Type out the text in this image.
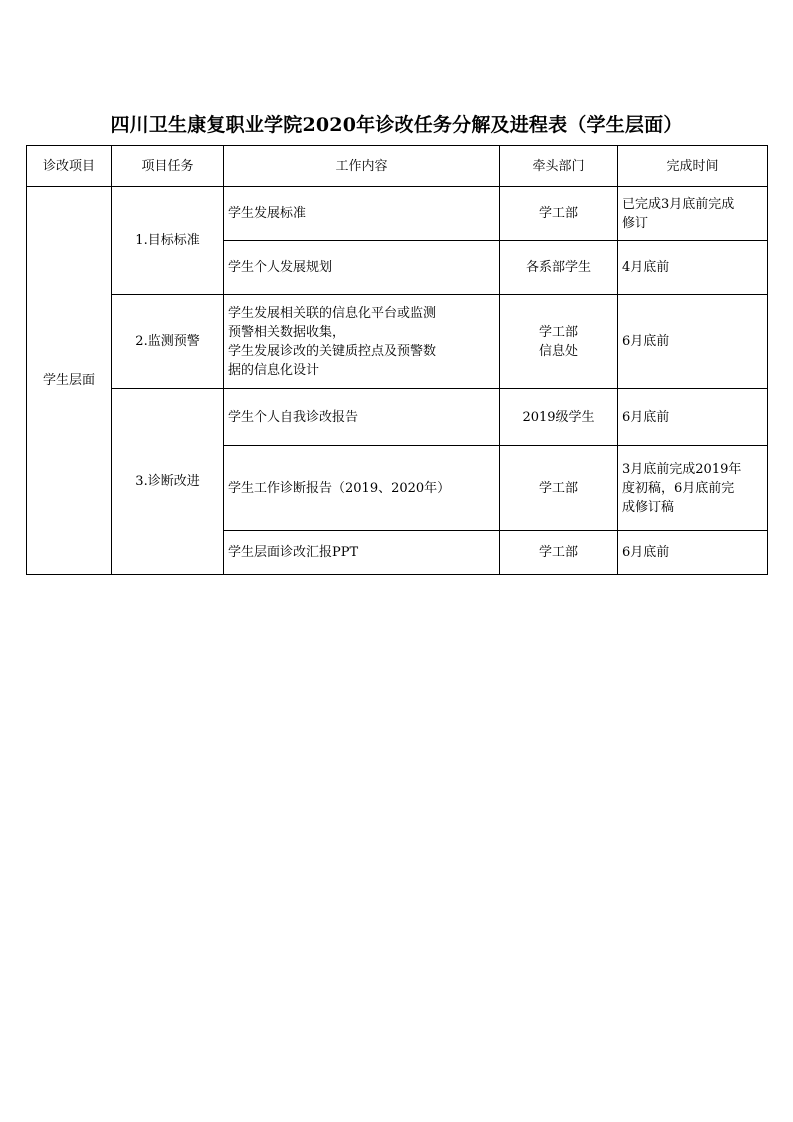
四川卫生康复职业学院2020年诊改任务分解及进程表（学生层面）
诊改项目	项目任务	工作内容	牵头部门	完成时间
学生层面	1.目标标准	学生发展标准	学工部	已完成3月底前完成
修订
		学生个人发展规划	各系部学生	4月底前
	2.监测预警	学生发展相关联的信息化平台或监测
预警相关数据收集，
学生发展诊改的关键质控点及预警数
据的信息化设计	学工部
信息处	6月底前
	3.诊断改进	学生个人自我诊改报告	2019级学生	6月底前
		学生工作诊断报告（2019、2020年）	学工部	3月底前完成2019年
度初稿，6月底前完
成修订稿
		学生层面诊改汇报PPT	学工部	6月底前
